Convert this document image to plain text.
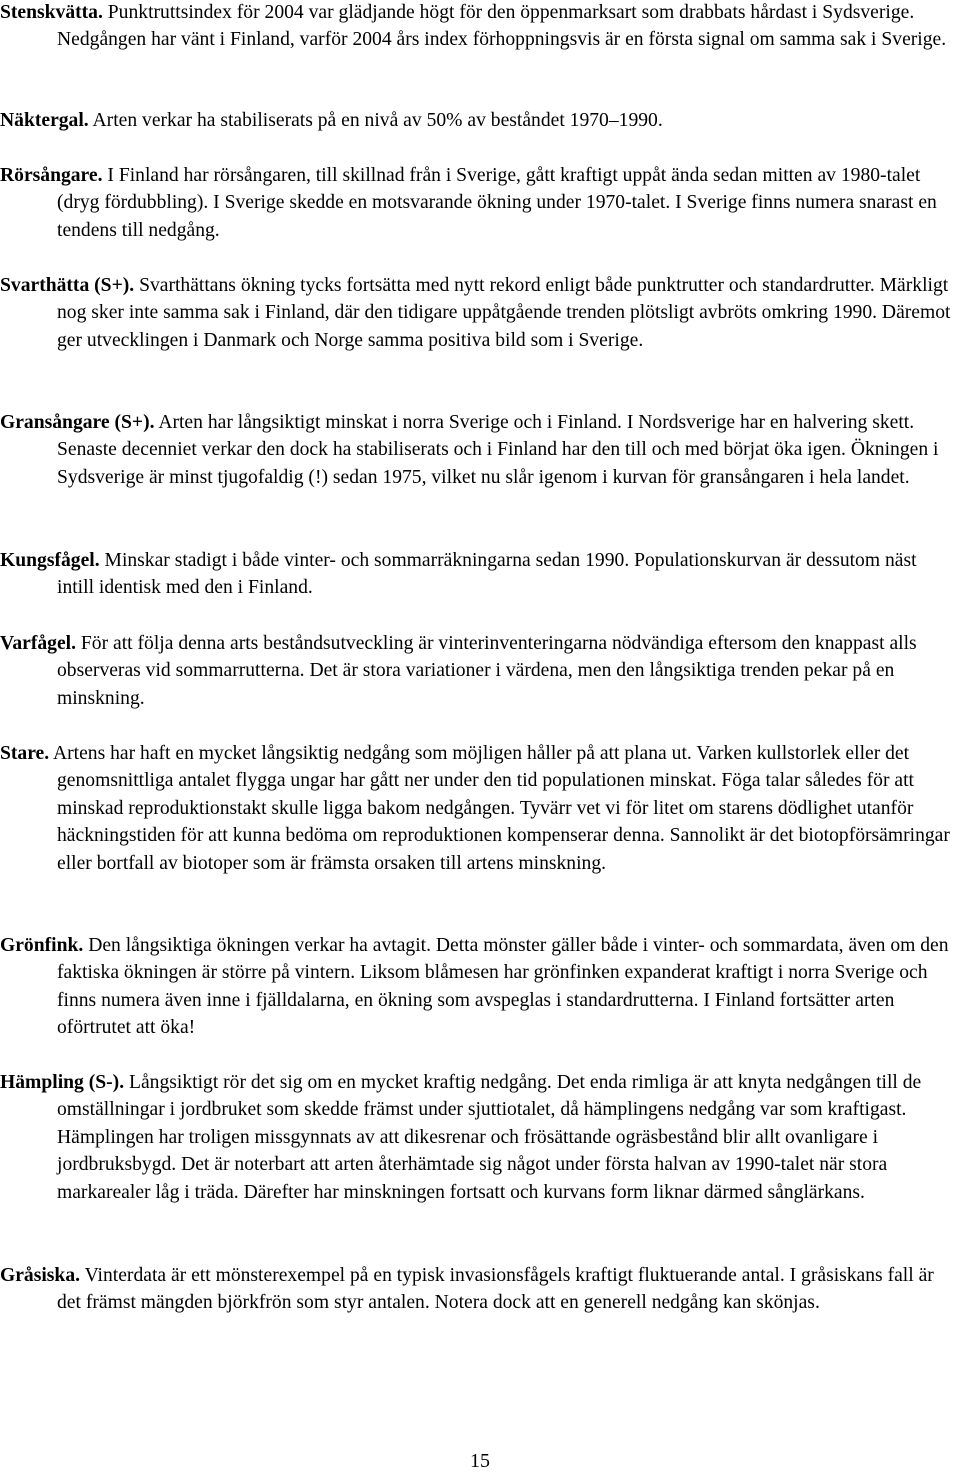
Stenskvätta. Punktruttsindex för 2004 var glädjande högt för den öppenmarksart som drabbats hårdast i Sydsverige. Nedgången har vänt i Finland, varför 2004 års index förhoppningsvis är en första signal om samma sak i Sverige.

Näktergal. Arten verkar ha stabiliserats på en nivå av 50% av beståndet 1970–1990.

Rörsångare. I Finland har rörsångaren, till skillnad från i Sverige, gått kraftigt uppåt ända sedan mitten av 1980-talet (dryg fördubbling). I Sverige skedde en motsvarande ökning under 1970-talet. I Sverige finns numera snarast en tendens till nedgång.

Svarthätta (S+). Svarthättans ökning tycks fortsätta med nytt rekord enligt både punktrutter och standardrutter. Märkligt nog sker inte samma sak i Finland, där den tidigare uppåtgående trenden plötsligt avbröts omkring 1990. Däremot ger utvecklingen i Danmark och Norge samma positiva bild som i Sverige.

Gransångare (S+). Arten har långsiktigt minskat i norra Sverige och i Finland. I Nordsverige har en halvering skett. Senaste decenniet verkar den dock ha stabiliserats och i Finland har den till och med börjat öka igen. Ökningen i Sydsverige är minst tjugofaldig (!) sedan 1975, vilket nu slår igenom i kurvan för gransångaren i hela landet.

Kungsfågel. Minskar stadigt i både vinter- och sommarräkningarna sedan 1990. Populationskurvan är dessutom näst intill identisk med den i Finland.

Varfågel. För att följa denna arts beståndsutveckling är vinterinventeringarna nödvändiga eftersom den knappast alls observeras vid sommarrutterna. Det är stora variationer i värdena, men den långsiktiga trenden pekar på en minskning.

Stare. Artens har haft en mycket långsiktig nedgång som möjligen håller på att plana ut. Varken kullstorlek eller det genomsnittliga antalet flygga ungar har gått ner under den tid populationen minskat. Föga talar således för att minskad reproduktionstakt skulle ligga bakom nedgången. Tyvärr vet vi för litet om starens dödlighet utanför häckningstiden för att kunna bedöma om reproduktionen kompenserar denna. Sannolikt är det biotopförsämringar eller bortfall av biotoper som är främsta orsaken till artens minskning.

Grönfink. Den långsiktiga ökningen verkar ha avtagit. Detta mönster gäller både i vinter- och sommardata, även om den faktiska ökningen är större på vintern. Liksom blåmesen har grönfinken expanderat kraftigt i norra Sverige och finns numera även inne i fjälldalarna, en ökning som avspeglas i standardrutterna. I Finland fortsätter arten oförtrutet att öka!

Hämpling (S-). Långsiktigt rör det sig om en mycket kraftig nedgång. Det enda rimliga är att knyta nedgången till de omställningar i jordbruket som skedde främst under sjuttiotalet, då hämplingens nedgång var som kraftigast. Hämplingen har troligen missgynnats av att dikesrenar och frösättande ogräsbestånd blir allt ovanligare i jordbruksbygd. Det är noterbart att arten återhämtade sig något under första halvan av 1990-talet när stora markarealer låg i träda. Därefter har minskningen fortsatt och kurvans form liknar därmed sånglärkans.

Gråsiska. Vinterdata är ett mönsterexempel på en typisk invasionsfågels kraftigt fluktuerande antal. I gråsiskans fall är det främst mängden björkfrön som styr antalen. Notera dock att en generell nedgång kan skönjas.

15
